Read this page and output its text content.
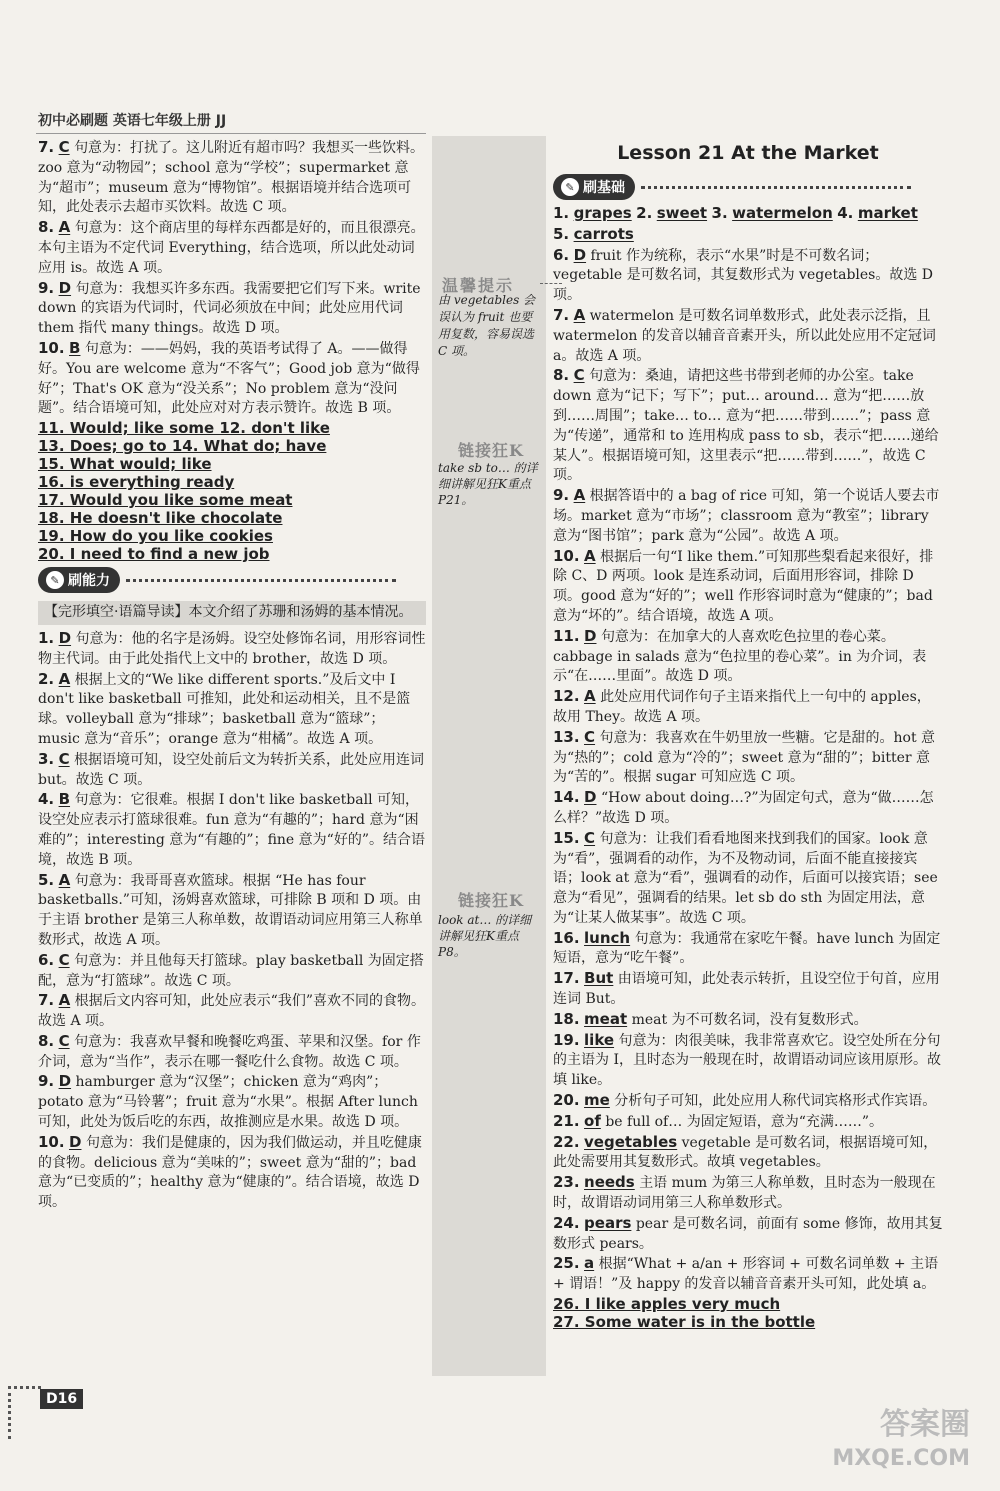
初中必刷题 英语七年级上册 JJ
温馨提示
由 vegetables 会误认为 fruit 也要用复数，容易误选 C 项。
链接狂K
take sb to… 的详细讲解见狂K重点 P21。
链接狂K
look at… 的详细讲解见狂K重点 P8。

7. C 句意为：打扰了。这儿附近有超市吗？我想买一些饮料。zoo 意为“动物园”；school 意为“学校”；supermarket 意为“超市”；museum 意为“博物馆”。根据语境并结合选项可知，此处表示去超市买饮料。故选 C 项。

8. A 句意为：这个商店里的每样东西都是好的，而且很漂亮。本句主语为不定代词 Everything，结合选项，所以此处动词应用 is。故选 A 项。

9. D 句意为：我想买许多东西。我需要把它们写下来。write down 的宾语为代词时，代词必须放在中间；此处应用代词 them 指代 many things。故选 D 项。

10. B 句意为：——妈妈，我的英语考试得了 A。——做得好。You are welcome 意为“不客气”；Good job 意为“做得好”；That's OK 意为“没关系”；No problem 意为“没问题”。结合语境可知，此处应对对方表示赞许。故选 B 项。

11. Would; like some 12. don't like

13. Does; go to 14. What do; have

15. What would; like

16. is everything ready

17. Would you like some meat

18. He doesn't like chocolate

19. How do you like cookies

20. I need to find a new job

✎ 刷能力
【完形填空·语篇导读】本文介绍了苏珊和汤姆的基本情况。

1. D 句意为：他的名字是汤姆。设空处修饰名词，用形容词性物主代词。由于此处指代上文中的 brother，故选 D 项。

2. A 根据上文的“We like different sports.”及后文中 I don't like basketball 可推知，此处和运动相关，且不是篮球。volleyball 意为“排球”；basketball 意为“篮球”；music 意为“音乐”；orange 意为“柑橘”。故选 A 项。

3. C 根据语境可知，设空处前后文为转折关系，此处应用连词 but。故选 C 项。

4. B 句意为：它很难。根据 I don't like basketball 可知，设空处应表示打篮球很难。fun 意为“有趣的”；hard 意为“困难的”；interesting 意为“有趣的”；fine 意为“好的”。结合语境，故选 B 项。

5. A 句意为：我哥哥喜欢篮球。根据 “He has four basketballs.”可知，汤姆喜欢篮球，可排除 B 项和 D 项。由于主语 brother 是第三人称单数，故谓语动词应用第三人称单数形式，故选 A 项。

6. C 句意为：并且他每天打篮球。play basketball 为固定搭配，意为“打篮球”。故选 C 项。

7. A 根据后文内容可知，此处应表示“我们”喜欢不同的食物。故选 A 项。

8. C 句意为：我喜欢早餐和晚餐吃鸡蛋、苹果和汉堡。for 作介词，意为“当作”，表示在哪一餐吃什么食物。故选 C 项。

9. D hamburger 意为“汉堡”；chicken 意为“鸡肉”；potato 意为“马铃薯”；fruit 意为“水果”。根据 After lunch 可知，此处为饭后吃的东西，故推测应是水果。故选 D 项。

10. D 句意为：我们是健康的，因为我们做运动，并且吃健康的食物。delicious 意为“美味的”；sweet 意为“甜的”；bad 意为“已变质的”；healthy 意为“健康的”。结合语境，故选 D 项。

Lesson 21 At the Market
✎ 刷基础

1. grapes 2. sweet 3. watermelon 4. market

5. carrots

6. D fruit 作为统称，表示“水果”时是不可数名词；vegetable 是可数名词，其复数形式为 vegetables。故选 D 项。

7. A watermelon 是可数名词单数形式，此处表示泛指，且 watermelon 的发音以辅音音素开头，所以此处应用不定冠词 a。故选 A 项。

8. C 句意为：桑迪，请把这些书带到老师的办公室。take down 意为“记下；写下”；put… around… 意为“把……放到……周围”；take… to… 意为“把……带到……”；pass 意为“传递”，通常和 to 连用构成 pass to sb，表示“把……递给某人”。根据语境可知，这里表示“把……带到……”，故选 C 项。

9. A 根据答语中的 a bag of rice 可知，第一个说话人要去市场。market 意为“市场”；classroom 意为“教室”；library 意为“图书馆”；park 意为“公园”。故选 A 项。

10. A 根据后一句“I like them.”可知那些梨看起来很好，排除 C、D 两项。look 是连系动词，后面用形容词，排除 D 项。good 意为“好的”；well 作形容词时意为“健康的”；bad 意为“坏的”。结合语境，故选 A 项。

11. D 句意为：在加拿大的人喜欢吃色拉里的卷心菜。cabbage in salads 意为“色拉里的卷心菜”。in 为介词，表示“在……里面”。故选 D 项。

12. A 此处应用代词作句子主语来指代上一句中的 apples，故用 They。故选 A 项。

13. C 句意为：我喜欢在牛奶里放一些糖。它是甜的。hot 意为“热的”；cold 意为“冷的”；sweet 意为“甜的”；bitter 意为“苦的”。根据 sugar 可知应选 C 项。

14. D “How about doing…?”为固定句式，意为“做……怎么样？”故选 D 项。

15. C 句意为：让我们看看地图来找到我们的国家。look 意为“看”，强调看的动作，为不及物动词，后面不能直接接宾语；look at 意为“看”，强调看的动作，后面可以接宾语；see 意为“看见”，强调看的结果。let sb do sth 为固定用法，意为“让某人做某事”。故选 C 项。

16. lunch 句意为：我通常在家吃午餐。have lunch 为固定短语，意为“吃午餐”。

17. But 由语境可知，此处表示转折，且设空位于句首，应用连词 But。

18. meat meat 为不可数名词，没有复数形式。

19. like 句意为：肉很美味，我非常喜欢它。设空处所在分句的主语为 I，且时态为一般现在时，故谓语动词应该用原形。故填 like。

20. me 分析句子可知，此处应用人称代词宾格形式作宾语。

21. of be full of… 为固定短语，意为“充满……”。

22. vegetables vegetable 是可数名词，根据语境可知，此处需要用其复数形式。故填 vegetables。

23. needs 主语 mum 为第三人称单数，且时态为一般现在时，故谓语动词用第三人称单数形式。

24. pears pear 是可数名词，前面有 some 修饰，故用其复数形式 pears。

25. a 根据“What + a/an + 形容词 + 可数名词单数 + 主语 + 谓语！”及 happy 的发音以辅音音素开头可知，此处填 a。

26. I like apples very much

27. Some water is in the bottle

D16
答案圈
MXQE.COM
